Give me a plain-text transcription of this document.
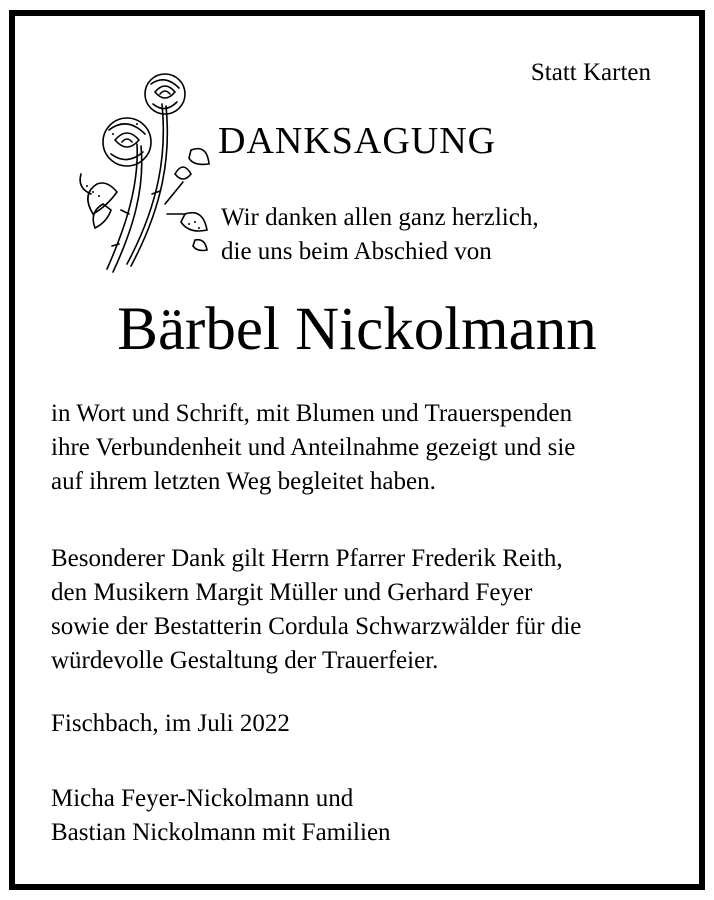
Statt Karten
DANKSAGUNG
Wir danken allen ganz herzlich,
die uns beim Abschied von
Bärbel Nickolmann
in Wort und Schrift, mit Blumen und Trauerspenden
ihre Verbundenheit und Anteilnahme gezeigt und sie
auf ihrem letzten Weg begleitet haben.
Besonderer Dank gilt Herrn Pfarrer Frederik Reith,
den Musikern Margit Müller und Gerhard Feyer
sowie der Bestatterin Cordula Schwarzwälder für die
würdevolle Gestaltung der Trauerfeier.
Fischbach, im Juli 2022
Micha Feyer-Nickolmann und
Bastian Nickolmann mit Familien
